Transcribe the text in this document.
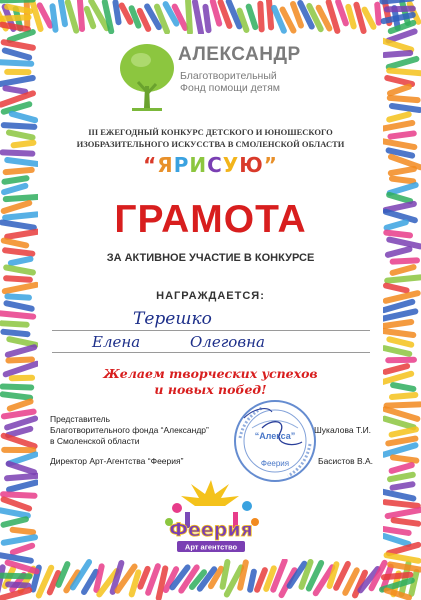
АЛЕКСАНДР
Благотворительный
Фонд помощи детям
III ЕЖЕГОДНЫЙ КОНКУРС ДЕТСКОГО И ЮНОШЕСКОГО
ИЗОБРАЗИТЕЛЬНОГО ИСКУССТВА В СМОЛЕНСКОЙ ОБЛАСТИ
“ЯРИСУЮ”
ГРАМОТА
ЗА АКТИВНОЕ УЧАСТИЕ В КОНКУРСЕ
НАГРАЖДАЕТСЯ:
Терешко
Елена	Олеговна
Желаем творческих успехов
и новых побед!
Представитель
Благотворительного фонда “Александр”
в Смоленской области
Шукалова Т.И.
Директор Арт-Агентства “Феерия”	Басистов В.А.
“Алекса”
Феерия
Феерия
Арт агентство
